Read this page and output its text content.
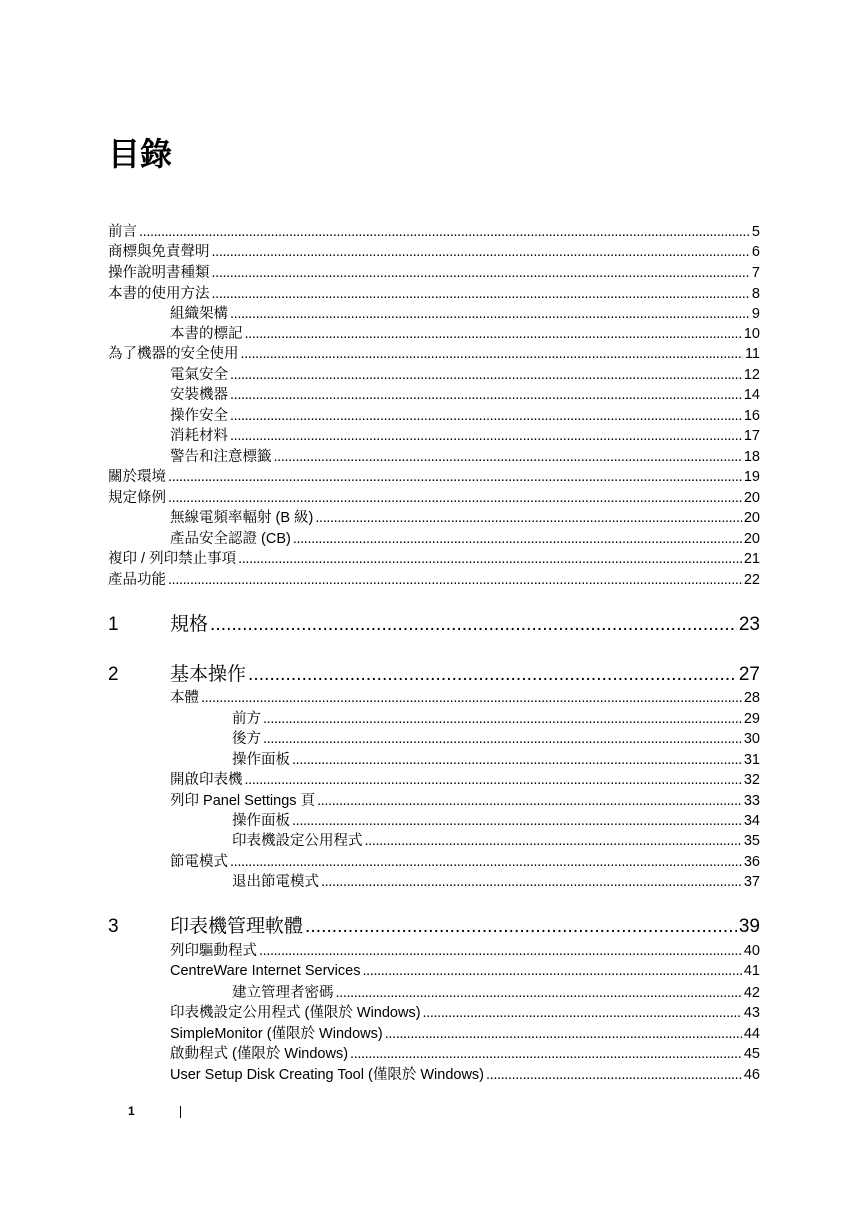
目錄
前言 . . .	5
商標與免責聲明 . . .	6
操作說明書種類 . . .	7
本書的使用方法 . . .	8
組織架構 . . .	9
本書的標記 . . .	10
為了機器的安全使用 . . .	11
電氣安全 . . .	12
安裝機器 . . .	14
操作安全 . . .	16
消耗材料 . . .	17
警告和注意標籤 . . .	18
關於環境 . . .	19
規定條例 . . .	20
無線電頻率輻射 (B 級) . . .	20
產品安全認證 (CB) . . .	20
複印 / 列印禁止事項 . . .	21
產品功能 . . .	22
1	規格 . . .	23
2	基本操作 . . .	27
本體 . . .	28
前方 . . .	29
後方 . . .	30
操作面板 . . .	31
開啟印表機 . . .	32
列印 Panel Settings 頁 . . .	33
操作面板 . . .	34
印表機設定公用程式 . . .	35
節電模式 . . .	36
退出節電模式 . . .	37
3	印表機管理軟體 . . .	39
列印驅動程式 . . .	40
CentreWare Internet Services . . .	41
建立管理者密碼 . . .	42
印表機設定公用程式 (僅限於 Windows) . . .	43
SimpleMonitor (僅限於 Windows) . . .	44
啟動程式 (僅限於 Windows) . . .	45
User Setup Disk Creating Tool (僅限於 Windows) . . .	46
1
